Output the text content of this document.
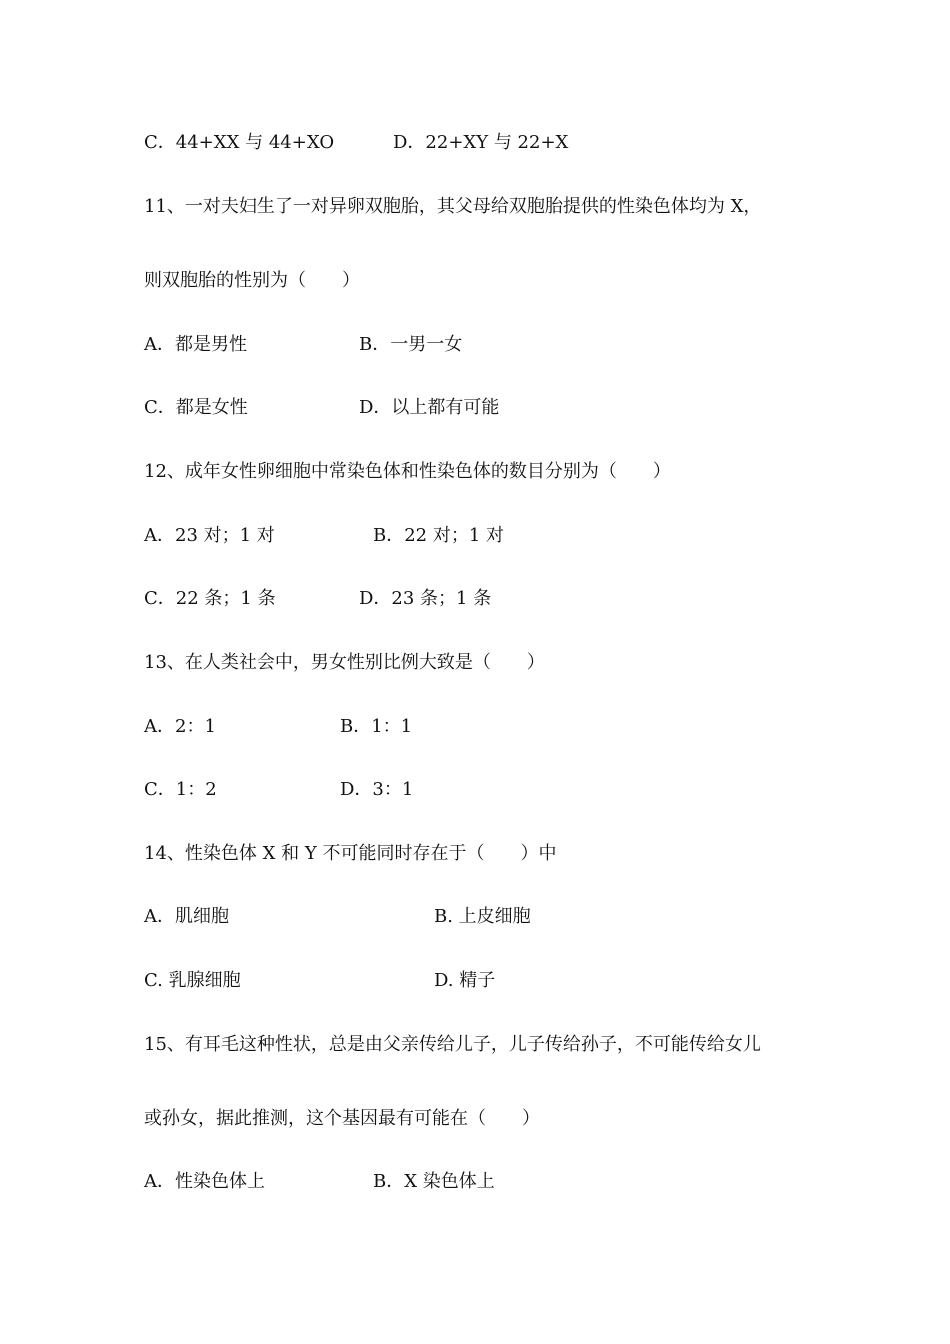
C．44+XX 与 44+XO	D．22+XY 与 22+X
11、一对夫妇生了一对异卵双胞胎，其父母给双胞胎提供的性染色体均为 X，
则双胞胎的性别为（　　）
A．都是男性	B．一男一女
C．都是女性	D．以上都有可能
12、成年女性卵细胞中常染色体和性染色体的数目分别为（　　）
A．23 对；1 对	B．22 对；1 对
C．22 条；1 条	D．23 条；1 条
13、在人类社会中，男女性别比例大致是（　　）
A．2：1	B．1：1
C．1：2	D．3：1
14、性染色体 X 和 Y 不可能同时存在于（　　）中
A．肌细胞	B. 上皮细胞
C. 乳腺细胞	D. 精子
15、有耳毛这种性状，总是由父亲传给儿子，儿子传给孙子，不可能传给女儿
或孙女，据此推测，这个基因最有可能在（　　）
A．性染色体上	B．X 染色体上
